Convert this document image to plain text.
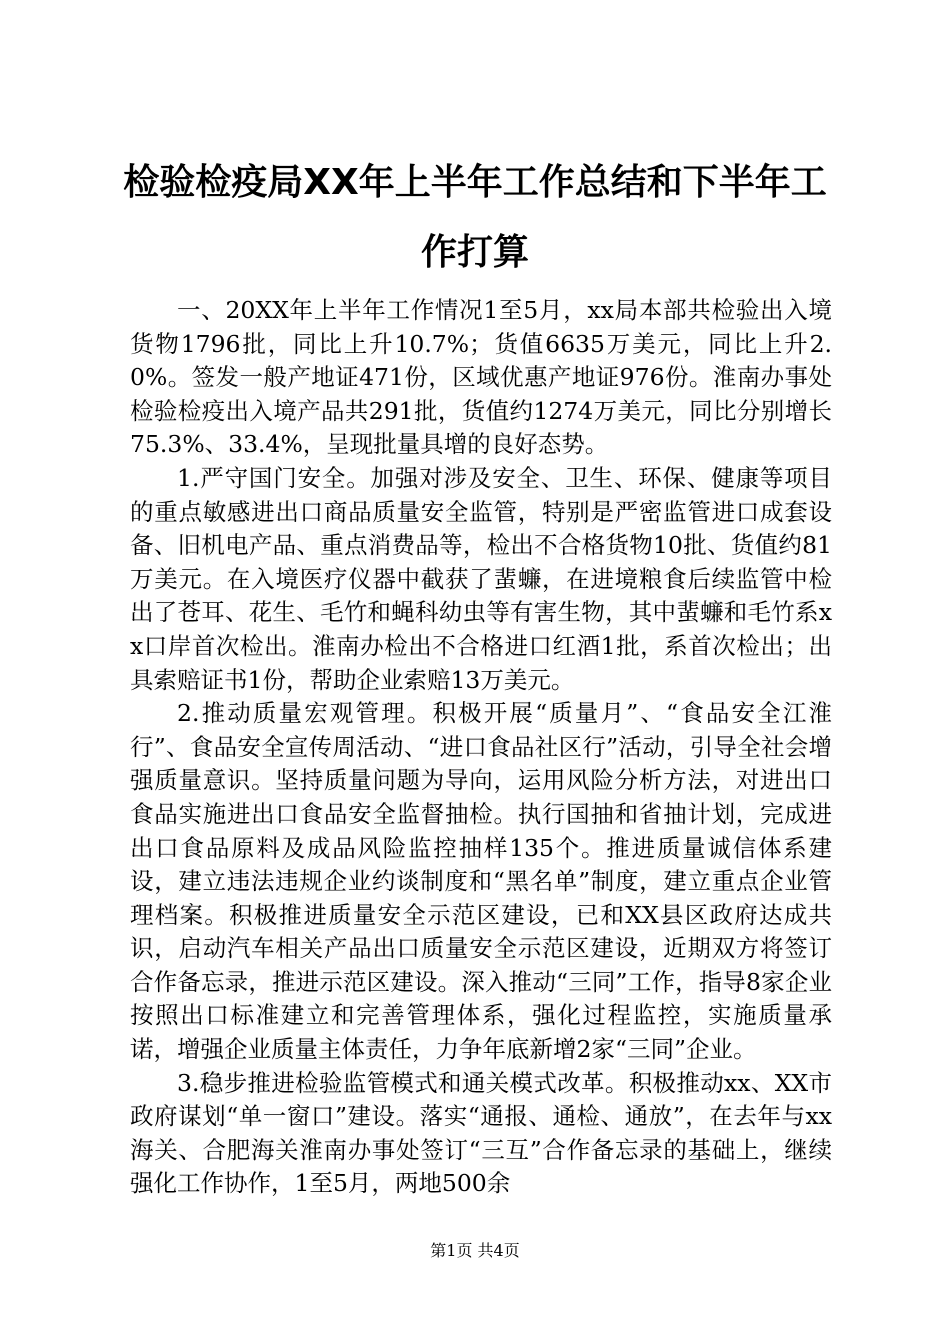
检验检疫局XX年上半年工作总结和下半年工作打算

一、20XX年上半年工作情况1至5月，xx局本部共检验出入境货物1796批，同比上升10.7%；货值6635万美元，同比上升2.0%。签发一般产地证471份，区域优惠产地证976份。淮南办事处检验检疫出入境产品共291批，货值约1274万美元，同比分别增长75.3%、33.4%，呈现批量具增的良好态势。

1.严守国门安全。加强对涉及安全、卫生、环保、健康等项目的重点敏感进出口商品质量安全监管，特别是严密监管进口成套设备、旧机电产品、重点消费品等，检出不合格货物10批、货值约81万美元。在入境医疗仪器中截获了蜚蠊，在进境粮食后续监管中检出了苍耳、花生、毛竹和蝇科幼虫等有害生物，其中蜚蠊和毛竹系xx口岸首次检出。淮南办检出不合格进口红酒1批，系首次检出；出具索赔证书1份，帮助企业索赔13万美元。

2.推动质量宏观管理。积极开展“质量月”、“食品安全江淮行”、食品安全宣传周活动、“进口食品社区行”活动，引导全社会增强质量意识。坚持质量问题为导向，运用风险分析方法，对进出口食品实施进出口食品安全监督抽检。执行国抽和省抽计划，完成进出口食品原料及成品风险监控抽样135个。推进质量诚信体系建设，建立违法违规企业约谈制度和“黑名单”制度，建立重点企业管理档案。积极推进质量安全示范区建设，已和XX县区政府达成共识，启动汽车相关产品出口质量安全示范区建设，近期双方将签订合作备忘录，推进示范区建设。深入推动“三同”工作，指导8家企业按照出口标准建立和完善管理体系，强化过程监控，实施质量承诺，增强企业质量主体责任，力争年底新增2家“三同”企业。

3.稳步推进检验监管模式和通关模式改革。积极推动xx、XX市政府谋划“单一窗口”建设。落实“通报、通检、通放”，在去年与xx海关、合肥海关淮南办事处签订“三互”合作备忘录的基础上，继续强化工作协作，1至5月，两地500余

第1页 共4页
